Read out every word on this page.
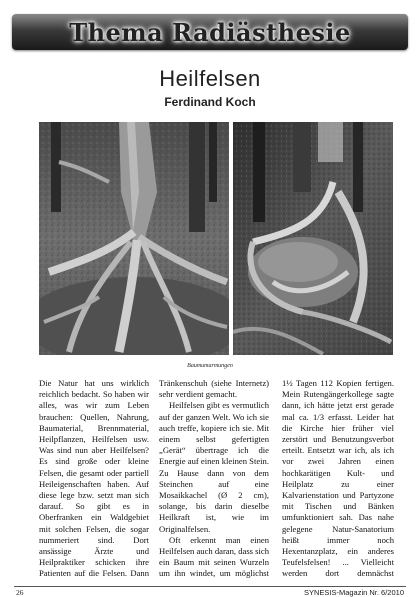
Thema Radiästhesie
Heilfelsen
Ferdinand Koch
Baumumarmungen

Die Natur hat uns wirklich reichlich bedacht. So haben wir alles, was wir zum Leben brauchen: Quellen, Nahrung, Baumaterial, Brennmaterial, Heilpflanzen, Heilfelsen usw. Was sind nun aber Heilfelsen? Es sind große oder kleine Felsen, die gesamt oder partiell Heileigenschaften haben. Auf diese lege bzw. setzt man sich darauf. So gibt es in Oberfranken ein Waldgebiet mit solchen Felsen, die sogar nummeriert sind. Dort ansässige Ärzte und Heilpraktiker schicken ihre Patienten auf die Felsen. Dann

Tränkenschuh (siehe Internetz) sehr verdient gemacht.

Heilfelsen gibt es vermutlich auf der ganzen Welt. Wo ich sie auch treffe, kopiere ich sie. Mit einem selbst gefertigten „Gerät“ übertrage ich die Energie auf einen kleinen Stein. Zu Hause dann von dem Steinchen auf eine Mosaikkachel (Ø 2 cm), solange, bis darin dieselbe Heilkraft ist, wie im Originalfelsen.

Oft erkennt man einen Heilfelsen auch daran, dass sich ein Baum mit seinen Wurzeln um ihn windet, um möglichst

1½ Tagen 112 Kopien fertigen. Mein Rutengängerkollege sagte dann, ich hätte jetzt erst gerade mal ca. 1/3 erfasst. Leider hat die Kirche hier früher viel zerstört und Benutzungsverbot erteilt. Entsetzt war ich, als ich vor zwei Jahren einen hochkarätigen Kult- und Heilplatz zu einer Kalvarienstation und Partyzone mit Tischen und Bänken umfunktioniert sah. Das nahe gelegene Natur-Sanatorium heißt immer noch Hexentanzplatz, ein anderes Teufelsfelsen! ... Vielleicht werden dort demnächst

26	SYNESIS-Magazin Nr. 6/2010
